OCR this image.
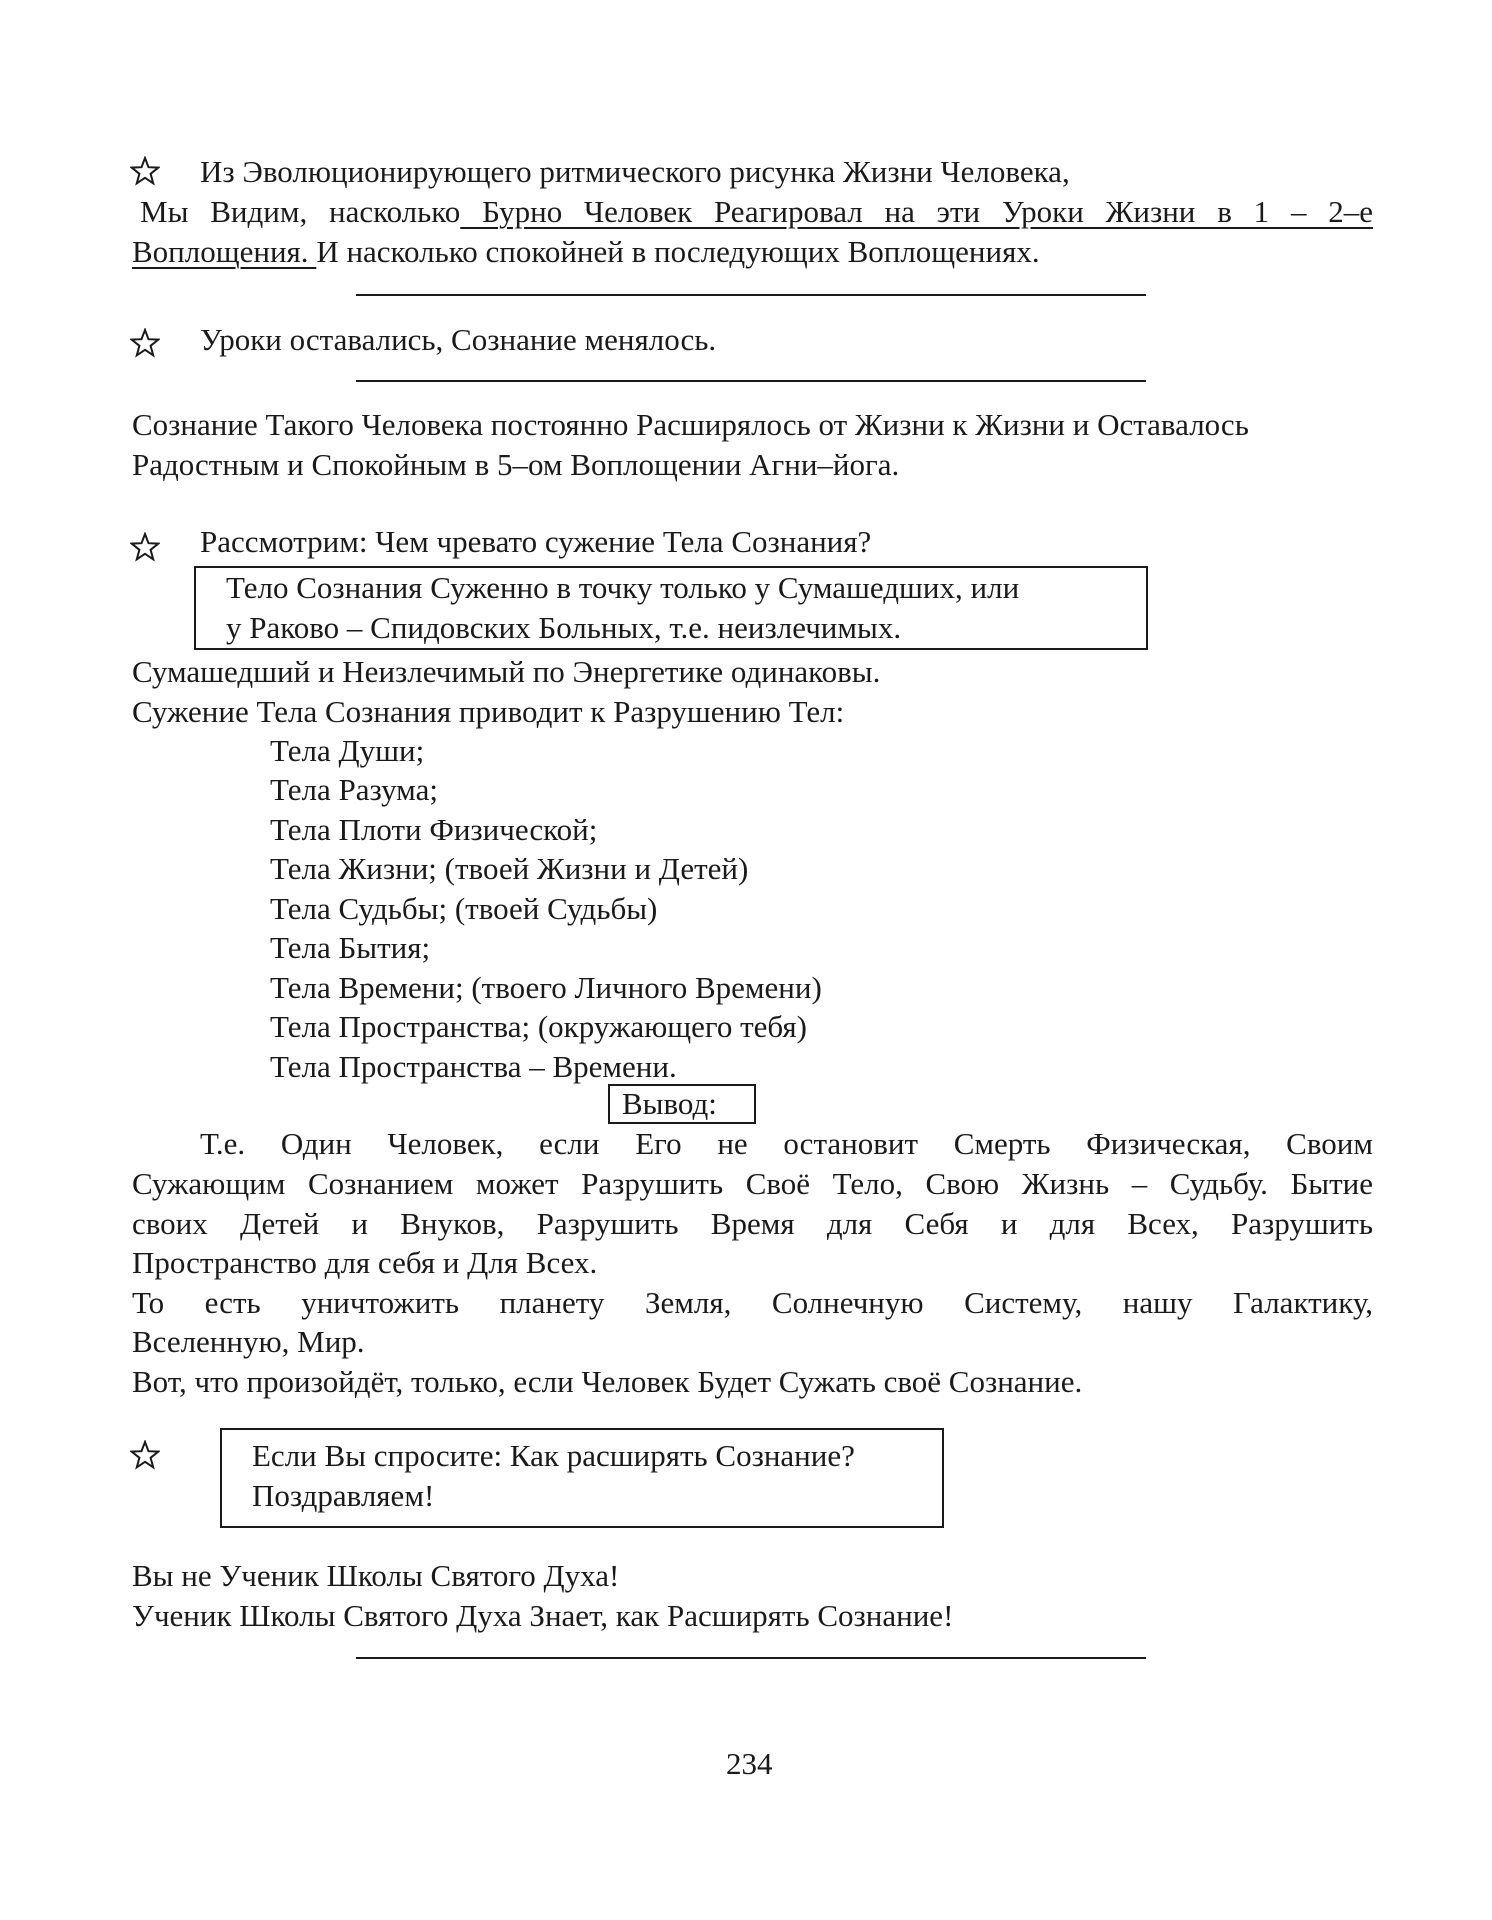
Из Эволюционирующего ритмического рисунка Жизни Человека,
Мы Видим, насколько Бурно Человек Реагировал на эти Уроки Жизни в 1 – 2–е
Воплощения. И насколько спокойней в последующих Воплощениях.
Уроки оставались, Сознание менялось.
Сознание Такого Человека постоянно Расширялось от Жизни к Жизни и Оставалось
Радостным и Спокойным в 5–ом Воплощении Агни–йога.
Рассмотрим: Чем чревато сужение Тела Сознания?
Тело Сознания Суженно в точку только у Сумашедших, или
у Раково – Спидовских Больных, т.е. неизлечимых.
Сумашедший и Неизлечимый по Энергетике одинаковы.
Сужение Тела Сознания приводит к Разрушению Тел:
Тела Души;
Тела Разума;
Тела Плоти Физической;
Тела Жизни; (твоей Жизни и Детей)
Тела Судьбы; (твоей Судьбы)
Тела Бытия;
Тела Времени; (твоего Личного Времени)
Тела Пространства; (окружающего тебя)
Тела Пространства – Времени.
Вывод:
Т.е. Один Человек, если Его не остановит Смерть Физическая, Своим
Сужающим Сознанием может Разрушить Своё Тело, Свою Жизнь – Судьбу. Бытие
своих Детей и Внуков, Разрушить Время для Себя и для Всех, Разрушить
Пространство для себя и Для Всех.
То есть уничтожить планету Земля, Солнечную Систему, нашу Галактику,
Вселенную, Мир.
Вот, что произойдёт, только, если Человек Будет Сужать своё Сознание.
Если Вы спросите: Как расширять Сознание?
Поздравляем!
Вы не Ученик Школы Святого Духа!
Ученик Школы Святого Духа Знает, как Расширять Сознание!
234
